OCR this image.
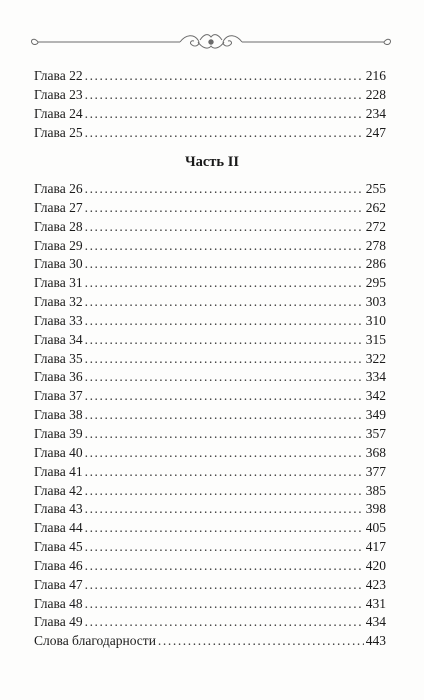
Глава 22 .....	216
Глава 23 .....	228
Глава 24 .....	234
Глава 25 .....	247
Часть II
Глава 26 .....	255
Глава 27 .....	262
Глава 28 .....	272
Глава 29 .....	278
Глава 30 .....	286
Глава 31 .....	295
Глава 32 .....	303
Глава 33 .....	310
Глава 34 .....	315
Глава 35 .....	322
Глава 36 .....	334
Глава 37 .....	342
Глава 38 .....	349
Глава 39 .....	357
Глава 40 .....	368
Глава 41 .....	377
Глава 42 .....	385
Глава 43 .....	398
Глава 44 .....	405
Глава 45 .....	417
Глава 46 .....	420
Глава 47 .....	423
Глава 48 .....	431
Глава 49 .....	434
Слова благодарности .....	443
